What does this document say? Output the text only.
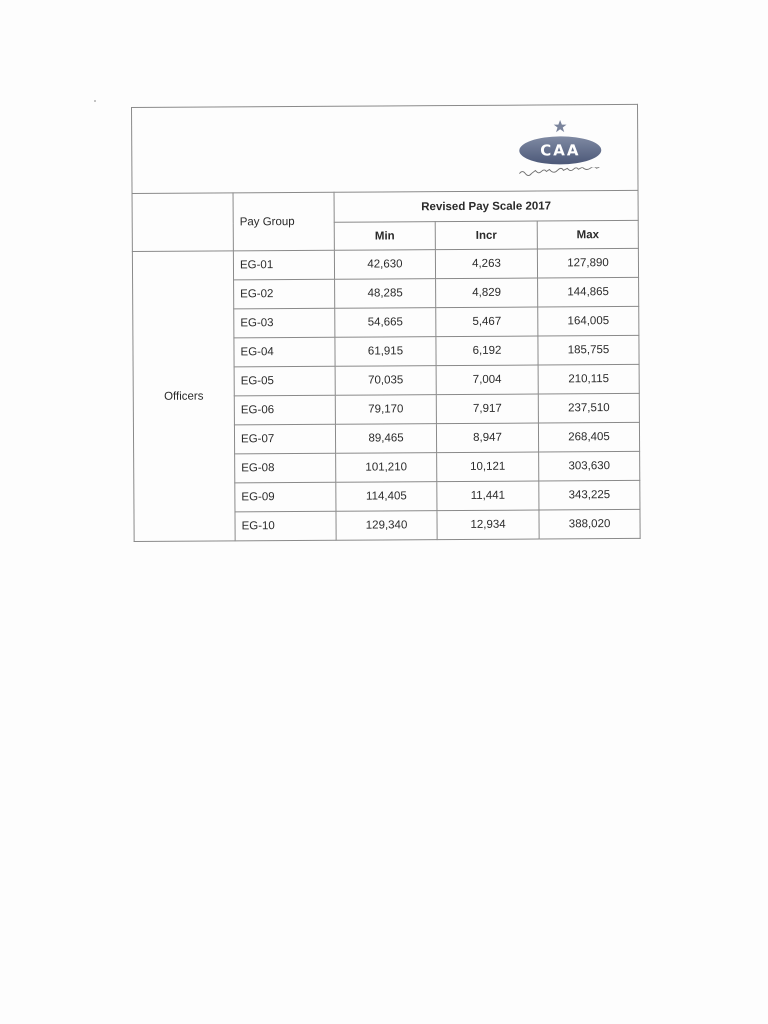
CAA				

	Pay Group	Revised Pay Scale 2017		
		Min	Incr	Max
Officers	EG-01	42,630	4,263	127,890
	EG-02	48,285	4,829	144,865
	EG-03	54,665	5,467	164,005
	EG-04	61,915	6,192	185,755
	EG-05	70,035	7,004	210,115
	EG-06	79,170	7,917	237,510
	EG-07	89,465	8,947	268,405
	EG-08	101,210	10,121	303,630
	EG-09	114,405	11,441	343,225
	EG-10	129,340	12,934	388,020
